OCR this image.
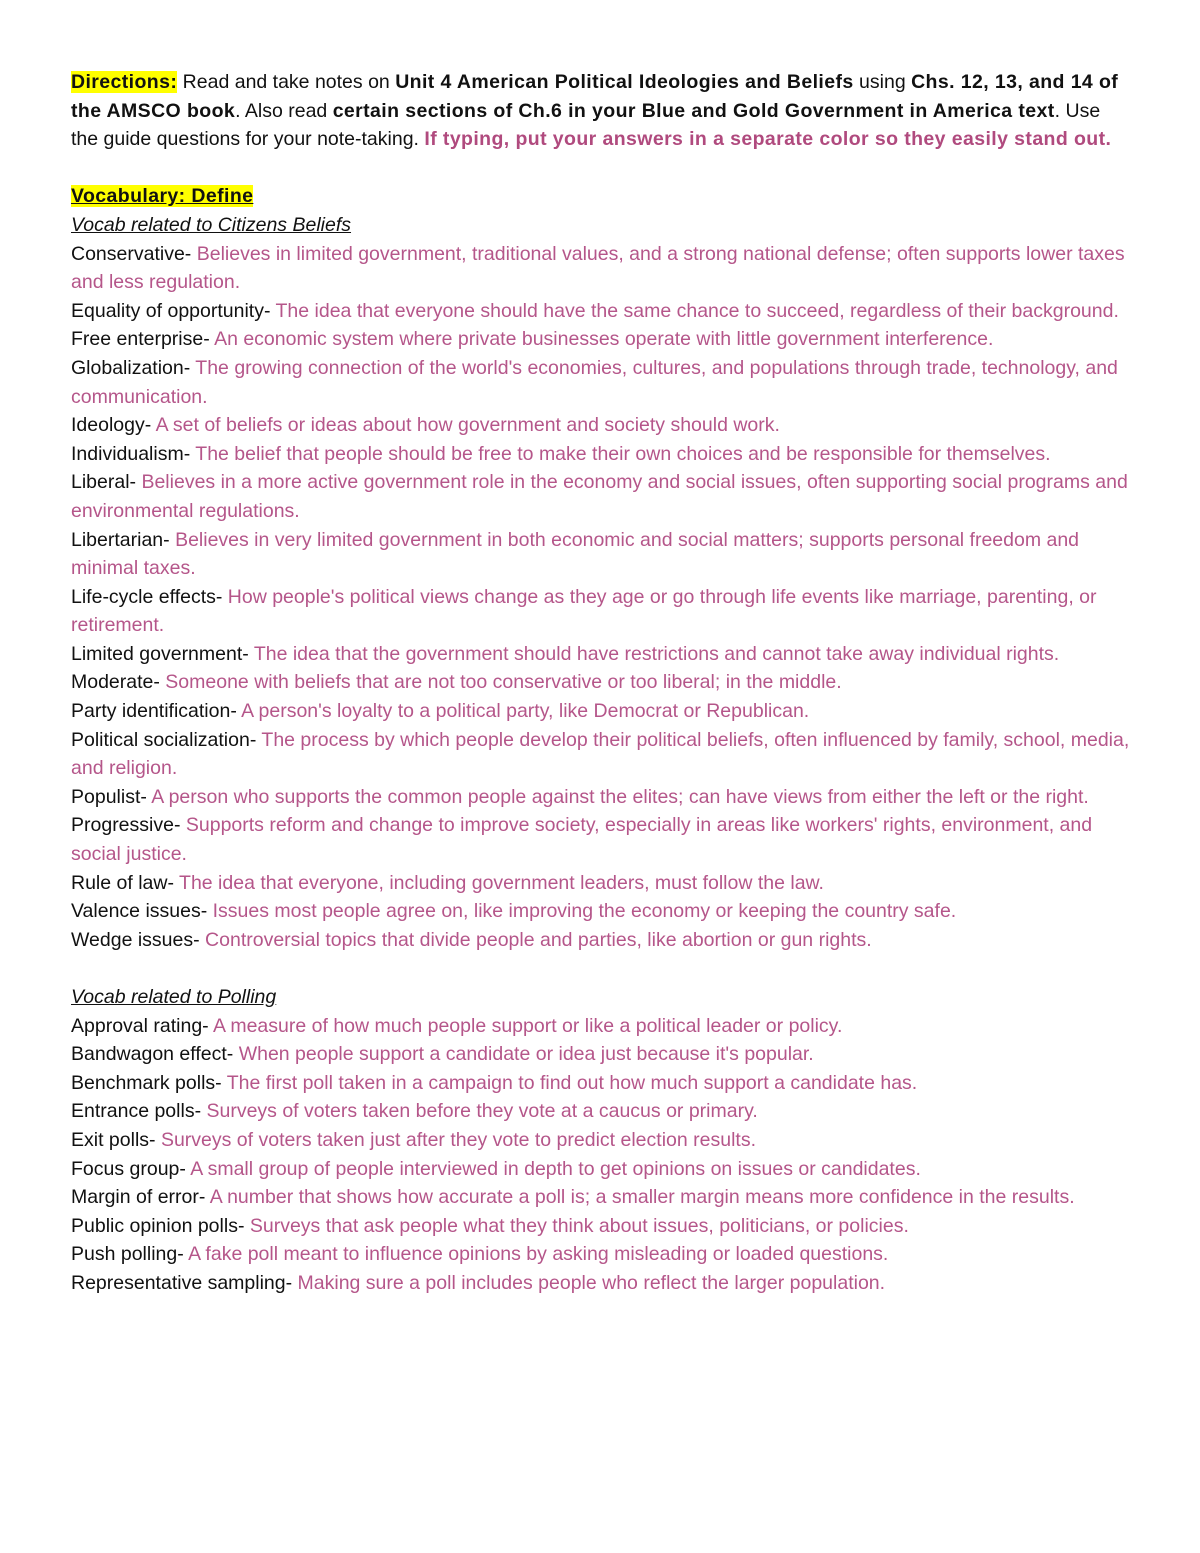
Directions: Read and take notes on Unit 4 American Political Ideologies and Beliefs using Chs. 12, 13, and 14 of the AMSCO book. Also read certain sections of Ch.6 in your Blue and Gold Government in America text. Use the guide questions for your note-taking. If typing, put your answers in a separate color so they easily stand out.

Vocabulary: Define

Vocab related to Citizens Beliefs

Conservative- Believes in limited government, traditional values, and a strong national defense; often supports lower taxes and less regulation.

Equality of opportunity- The idea that everyone should have the same chance to succeed, regardless of their background.

Free enterprise- An economic system where private businesses operate with little government interference.

Globalization- The growing connection of the world's economies, cultures, and populations through trade, technology, and communication.

Ideology- A set of beliefs or ideas about how government and society should work.

Individualism- The belief that people should be free to make their own choices and be responsible for themselves.

Liberal- Believes in a more active government role in the economy and social issues, often supporting social programs and environmental regulations.

Libertarian- Believes in very limited government in both economic and social matters; supports personal freedom and minimal taxes.

Life-cycle effects- How people's political views change as they age or go through life events like marriage, parenting, or retirement.

Limited government- The idea that the government should have restrictions and cannot take away individual rights.

Moderate- Someone with beliefs that are not too conservative or too liberal; in the middle.

Party identification- A person's loyalty to a political party, like Democrat or Republican.

Political socialization- The process by which people develop their political beliefs, often influenced by family, school, media, and religion.

Populist- A person who supports the common people against the elites; can have views from either the left or the right.

Progressive- Supports reform and change to improve society, especially in areas like workers' rights, environment, and social justice.

Rule of law- The idea that everyone, including government leaders, must follow the law.

Valence issues- Issues most people agree on, like improving the economy or keeping the country safe.

Wedge issues- Controversial topics that divide people and parties, like abortion or gun rights.

Vocab related to Polling

Approval rating- A measure of how much people support or like a political leader or policy.

Bandwagon effect- When people support a candidate or idea just because it's popular.

Benchmark polls- The first poll taken in a campaign to find out how much support a candidate has.

Entrance polls- Surveys of voters taken before they vote at a caucus or primary.

Exit polls- Surveys of voters taken just after they vote to predict election results.

Focus group- A small group of people interviewed in depth to get opinions on issues or candidates.

Margin of error- A number that shows how accurate a poll is; a smaller margin means more confidence in the results.

Public opinion polls- Surveys that ask people what they think about issues, politicians, or policies.

Push polling- A fake poll meant to influence opinions by asking misleading or loaded questions.

Representative sampling- Making sure a poll includes people who reflect the larger population.
